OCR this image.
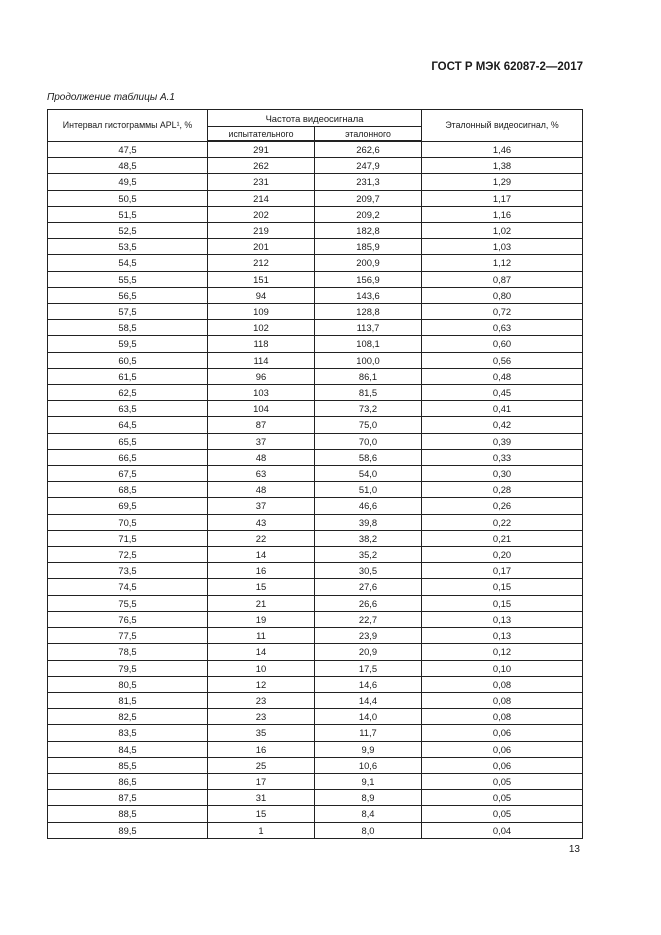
ГОСТ Р МЭК 62087-2—2017
Продолжение таблицы А.1
Интервал гистограммы APL¹, %	Частота видеосигнала		Эталонный видеосигнал, %
	испытательного	эталонного	
47,5	291	262,6	1,46
48,5	262	247,9	1,38
49,5	231	231,3	1,29
50,5	214	209,7	1,17
51,5	202	209,2	1,16
52,5	219	182,8	1,02
53,5	201	185,9	1,03
54,5	212	200,9	1,12
55,5	151	156,9	0,87
56,5	94	143,6	0,80
57,5	109	128,8	0,72
58,5	102	113,7	0,63
59,5	118	108,1	0,60
60,5	114	100,0	0,56
61,5	96	86,1	0,48
62,5	103	81,5	0,45
63,5	104	73,2	0,41
64,5	87	75,0	0,42
65,5	37	70,0	0,39
66,5	48	58,6	0,33
67,5	63	54,0	0,30
68,5	48	51,0	0,28
69,5	37	46,6	0,26
70,5	43	39,8	0,22
71,5	22	38,2	0,21
72,5	14	35,2	0,20
73,5	16	30,5	0,17
74,5	15	27,6	0,15
75,5	21	26,6	0,15
76,5	19	22,7	0,13
77,5	11	23,9	0,13
78,5	14	20,9	0,12
79,5	10	17,5	0,10
80,5	12	14,6	0,08
81,5	23	14,4	0,08
82,5	23	14,0	0,08
83,5	35	11,7	0,06
84,5	16	9,9	0,06
85,5	25	10,6	0,06
86,5	17	9,1	0,05
87,5	31	8,9	0,05
88,5	15	8,4	0,05
89,5	1	8,0	0,04
13
